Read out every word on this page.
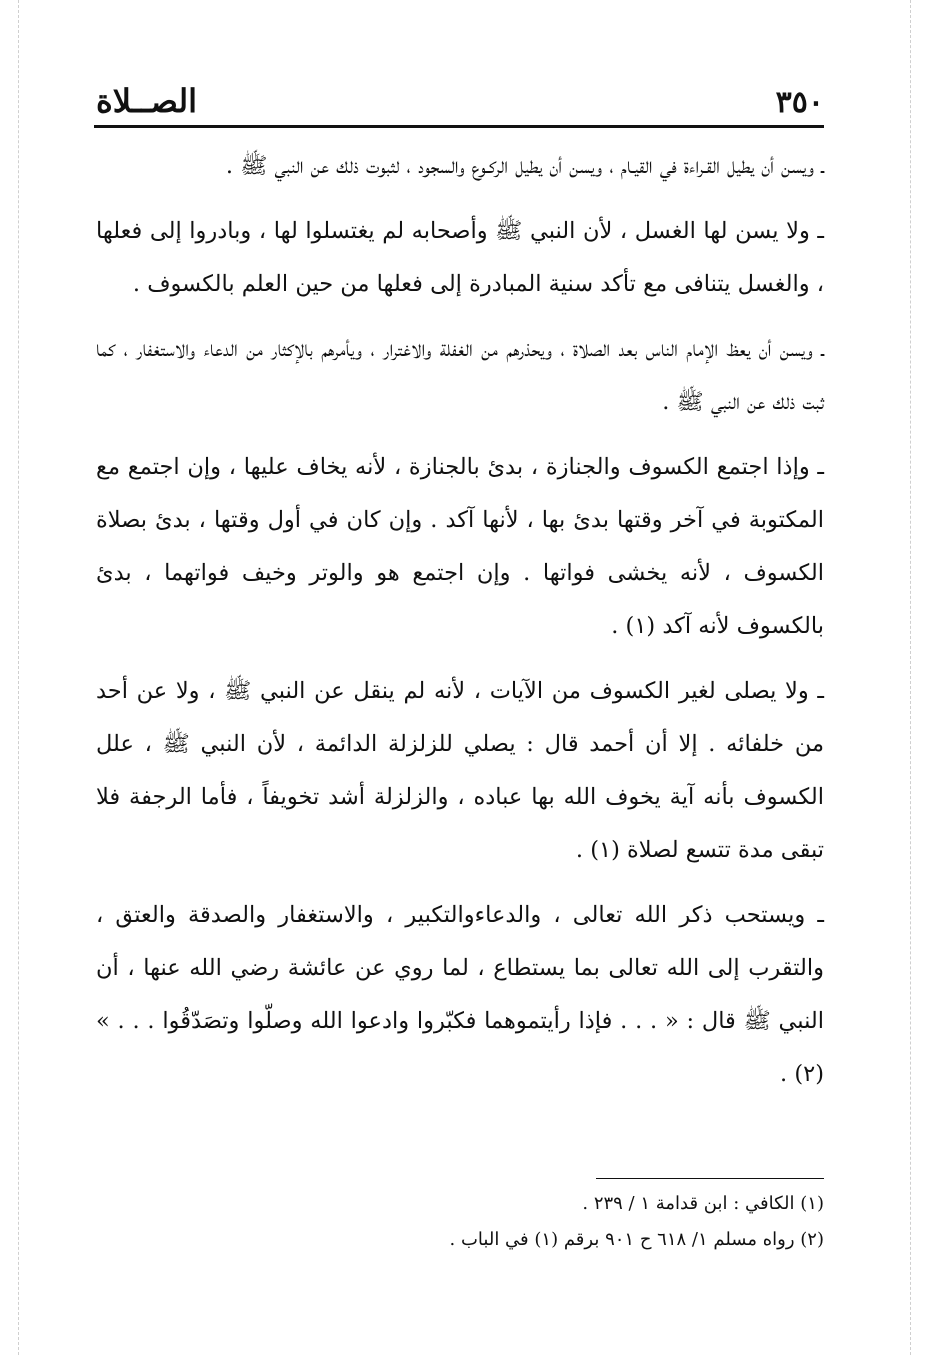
٣٥٠
الصــلاة

ـ ويسن أن يطيل القـراءة في القيـام ، ويسن أن يطيل الركـوع والسجود ، لثبوت ذلك عن النبي ﷺ .

ـ ولا يسن لها الغسل ، لأن النبي ﷺ وأصحابه لم يغتسلوا لها ، وبادروا إلى فعلها ، والغسل يتنافى مع تأكد سنية المبادرة إلى فعلها من حين العلم بالكسوف .

ـ ويسن أن يعظ الإمام الناس بعد الصلاة ، ويحذرهم من الغفلة والاغترار ، ويأمرهم بالإكثار من الدعاء والاستغفار ، كما ثبت ذلك عن النبي ﷺ .

ـ وإذا اجتمع الكسوف والجنازة ، بدئ بالجنازة ، لأنه يخاف عليها ، وإن اجتمع مع المكتوبة في آخر وقتها بدئ بها ، لأنها آكد . وإن كان في أول وقتها ، بدئ بصلاة الكسوف ، لأنه يخشى فواتها . وإن اجتمع هو والوتر وخيف فواتهما ، بدئ بالكسوف لأنه آكد (١) .

ـ ولا يصلى لغير الكسوف من الآيات ، لأنه لم ينقل عن النبي ﷺ ، ولا عن أحد من خلفائه . إلا أن أحمد قال : يصلي للزلزلة الدائمة ، لأن النبي ﷺ ، علل الكسوف بأنه آية يخوف الله بها عباده ، والزلزلة أشد تخويفاً ، فأما الرجفة فلا تبقى مدة تتسع لصلاة (١) .

ـ ويستحب ذكر الله تعالى ، والدعاءوالتكبير ، والاستغفار والصدقة والعتق ، والتقرب إلى الله تعالى بما يستطاع ، لما روي عن عائشة رضي الله عنها ، أن النبي ﷺ قال : « . . . فإذا رأيتموهما فكبّروا وادعوا الله وصلّوا وتصَدّقُوا . . . » (٢) .

(١) الكافي : ابن قدامة ١ / ٢٣٩ .

(٢) رواه مسلم ١/ ٦١٨ ح ٩٠١ برقم (١) في الباب .
